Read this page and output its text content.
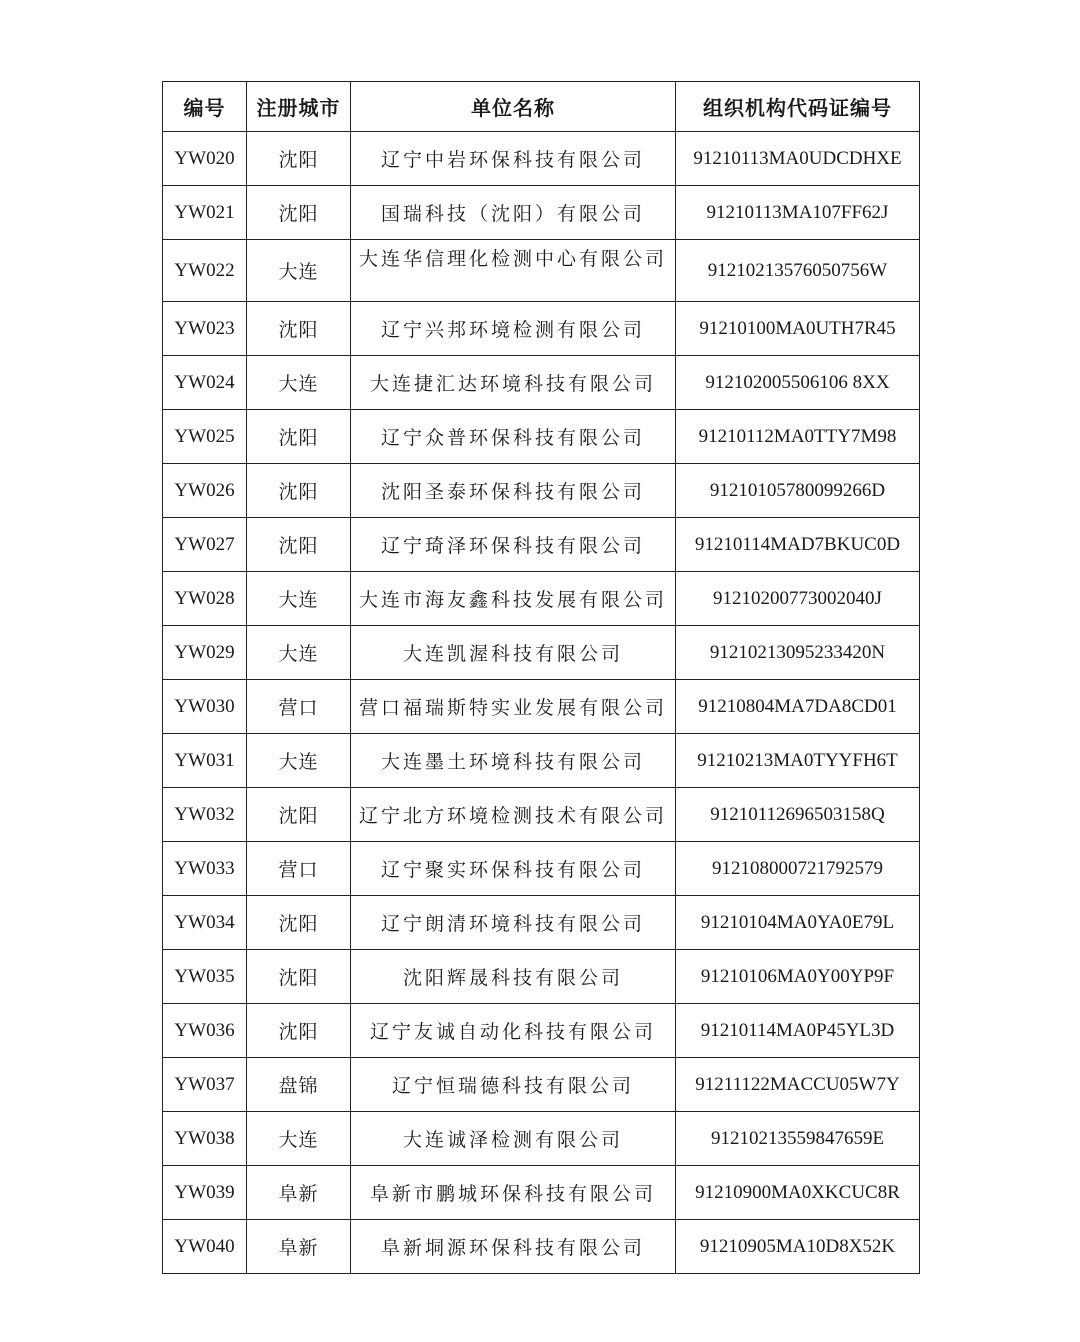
编号	注册城市	单位名称	组织机构代码证编号
YW020	沈阳	辽宁中岩环保科技有限公司	91210113MA0UDCDHXE
YW021	沈阳	国瑞科技（沈阳）有限公司	91210113MA107FF62J
YW022	大连	大连华信理化检测中心有限公司	91210213576050756W
YW023	沈阳	辽宁兴邦环境检测有限公司	91210100MA0UTH7R45
YW024	大连	大连捷汇达环境科技有限公司	912102005506106 8XX
YW025	沈阳	辽宁众普环保科技有限公司	91210112MA0TTY7M98
YW026	沈阳	沈阳圣泰环保科技有限公司	91210105780099266D
YW027	沈阳	辽宁琦泽环保科技有限公司	91210114MAD7BKUC0D
YW028	大连	大连市海友鑫科技发展有限公司	91210200773002040J
YW029	大连	大连凯渥科技有限公司	91210213095233420N
YW030	营口	营口福瑞斯特实业发展有限公司	91210804MA7DA8CD01
YW031	大连	大连墨土环境科技有限公司	91210213MA0TYYFH6T
YW032	沈阳	辽宁北方环境检测技术有限公司	91210112696503158Q
YW033	营口	辽宁聚实环保科技有限公司	912108000721792579
YW034	沈阳	辽宁朗清环境科技有限公司	91210104MA0YA0E79L
YW035	沈阳	沈阳辉晟科技有限公司	91210106MA0Y00YP9F
YW036	沈阳	辽宁友诚自动化科技有限公司	91210114MA0P45YL3D
YW037	盘锦	辽宁恒瑞德科技有限公司	91211122MACCU05W7Y
YW038	大连	大连诚泽检测有限公司	91210213559847659E
YW039	阜新	阜新市鹏城环保科技有限公司	91210900MA0XKCUC8R
YW040	阜新	阜新垌源环保科技有限公司	91210905MA10D8X52K
